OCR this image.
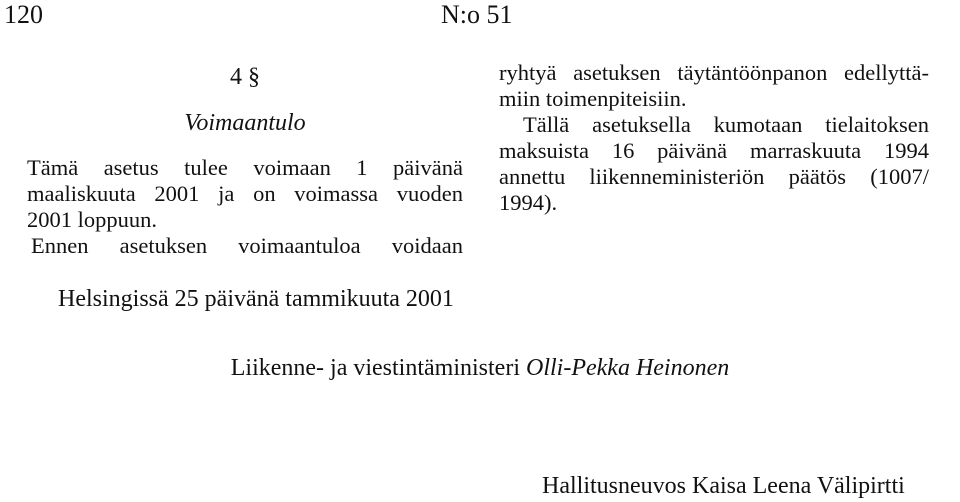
120	N:o 51
4 §
Voimaantulo
Tämä asetus tulee voimaan 1 päivänä
maaliskuuta 2001 ja on voimassa vuoden
2001 loppuun.
Ennen asetuksen voimaantuloa voidaan
ryhtyä asetuksen täytäntöönpanon edellyttä-
miin toimenpiteisiin.
Tällä asetuksella kumotaan tielaitoksen
maksuista 16 päivänä marraskuuta 1994
annettu liikenneministeriön päätös (1007/
1994).
Helsingissä 25 päivänä tammikuuta 2001
Liikenne- ja viestintäministeri Olli-Pekka Heinonen
Hallitusneuvos Kaisa Leena Välipirtti
